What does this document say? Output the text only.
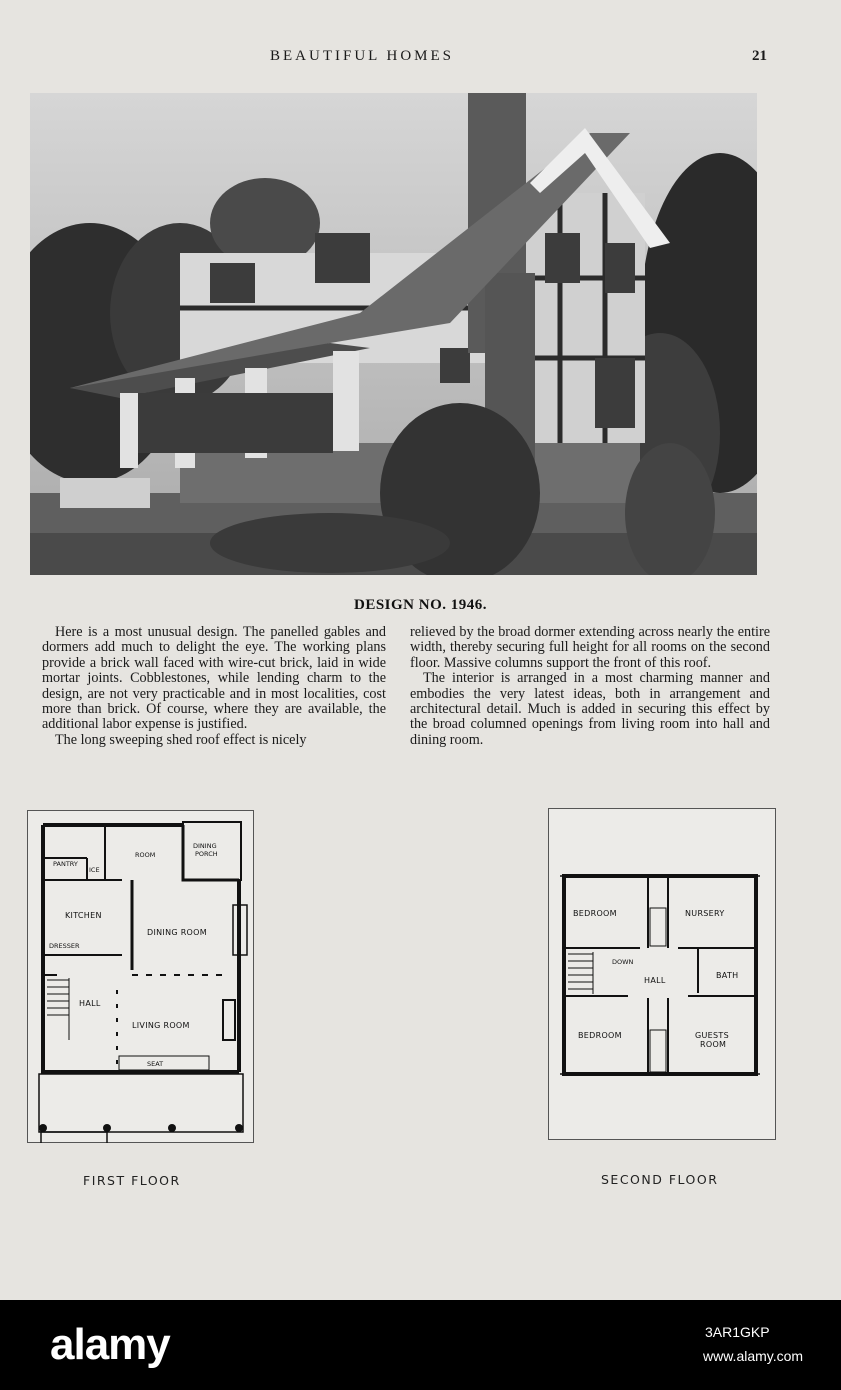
BEAUTIFUL HOMES	21
DESIGN NO. 1946.

Here is a most unusual design. The panelled gables and dormers add much to delight the eye. The working plans provide a brick wall faced with wire-cut brick, laid in wide mortar joints. Cobblestones, while lending charm to the design, are not very practicable and in most localities, cost more than brick. Of course, where they are available, the additional labor expense is justified.

The long sweeping shed roof effect is nicely

relieved by the broad dormer extending across nearly the entire width, thereby securing full height for all rooms on the second floor. Massive columns support the front of this roof.

The interior is arranged in a most charming manner and embodies the very latest ideas, both in arrangement and architectural detail. Much is added in securing this effect by the broad columned openings from living room into hall and dining room.

PANTRY
ICE
ROOM
DINING
PORCH
KITCHEN
DINING ROOM
DRESSER
HALL
LIVING ROOM
SEAT
FIRST FLOOR
BEDROOM	NURSERY
DOWN
HALL
BATH
BEDROOM	GUESTS
ROOM
SECOND FLOOR
alamy	3AR1GKP
www.alamy.com
